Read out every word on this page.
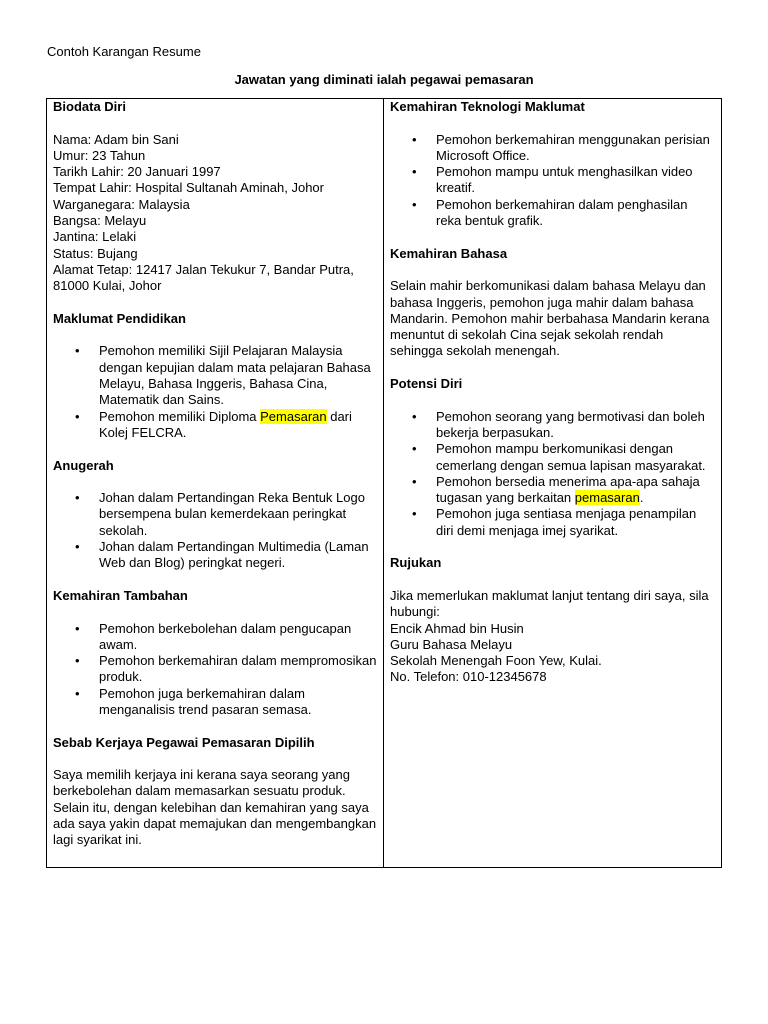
Contoh Karangan Resume
Jawatan yang diminati ialah pegawai pemasaran

Biodata Diri

Nama: Adam bin Sani

Umur: 23 Tahun

Tarikh Lahir: 20 Januari 1997

Tempat Lahir: Hospital Sultanah Aminah, Johor

Warganegara: Malaysia

Bangsa: Melayu

Jantina: Lelaki

Status: Bujang

Alamat Tetap: 12417 Jalan Tekukur 7, Bandar Putra, 81000 Kulai, Johor

Maklumat Pendidikan

• Pemohon memiliki Sijil Pelajaran Malaysia dengan kepujian dalam mata pelajaran Bahasa Melayu, Bahasa Inggeris, Bahasa Cina, Matematik dan Sains.
• Pemohon memiliki Diploma Pemasaran dari Kolej FELCRA.

Anugerah

• Johan dalam Pertandingan Reka Bentuk Logo bersempena bulan kemerdekaan peringkat sekolah.
• Johan dalam Pertandingan Multimedia (Laman Web dan Blog) peringkat negeri.

Kemahiran Tambahan

• Pemohon berkebolehan dalam pengucapan awam.
• Pemohon berkemahiran dalam mempromosikan produk.
• Pemohon juga berkemahiran dalam menganalisis trend pasaran semasa.

Sebab Kerjaya Pegawai Pemasaran Dipilih

Saya memilih kerjaya ini kerana saya seorang yang berkebolehan dalam memasarkan sesuatu produk. Selain itu, dengan kelebihan dan kemahiran yang saya ada saya yakin dapat memajukan dan mengembangkan lagi syarikat ini.

Kemahiran Teknologi Maklumat

• Pemohon berkemahiran menggunakan perisian Microsoft Office.
• Pemohon mampu untuk menghasilkan video kreatif.
• Pemohon berkemahiran dalam penghasilan reka bentuk grafik.

Kemahiran Bahasa

Selain mahir berkomunikasi dalam bahasa Melayu dan bahasa Inggeris, pemohon juga mahir dalam bahasa Mandarin. Pemohon mahir berbahasa Mandarin kerana menuntut di sekolah Cina sejak sekolah rendah sehingga sekolah menengah.

Potensi Diri

• Pemohon seorang yang bermotivasi dan boleh bekerja berpasukan.
• Pemohon mampu berkomunikasi dengan cemerlang dengan semua lapisan masyarakat.
• Pemohon bersedia menerima apa-apa sahaja tugasan yang berkaitan pemasaran.
• Pemohon juga sentiasa menjaga penampilan diri demi menjaga imej syarikat.

Rujukan

Jika memerlukan maklumat lanjut tentang diri saya, sila hubungi:

Encik Ahmad bin Husin

Guru Bahasa Melayu

Sekolah Menengah Foon Yew, Kulai.

No. Telefon: 010-12345678
